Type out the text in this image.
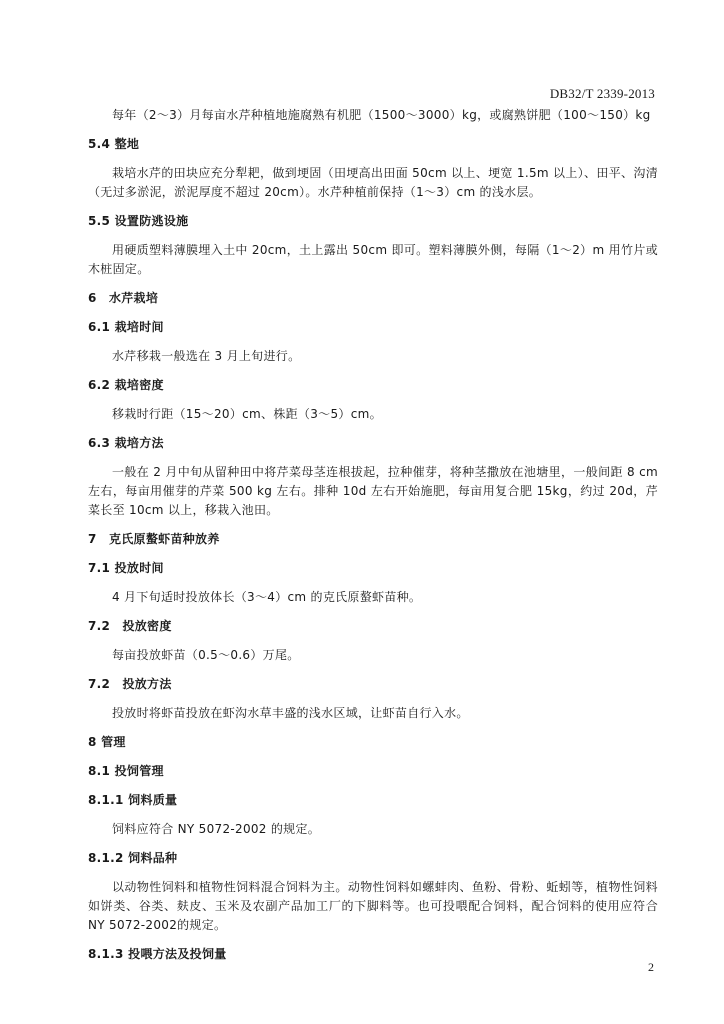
DB32/T 2339-2013

每年（2～3）月每亩水芹种植地施腐熟有机肥（1500～3000）kg，或腐熟饼肥（100～150）kg

5.4 整地

栽培水芹的田块应充分犁耙，做到埂固（田埂高出田面 50cm 以上、埂宽 1.5m 以上）、田平、沟清（无过多淤泥，淤泥厚度不超过 20cm）。水芹种植前保持（1～3）cm 的浅水层。

5.5 设置防逃设施

用硬质塑料薄膜埋入土中 20cm，土上露出 50cm 即可。塑料薄膜外侧，每隔（1～2）m 用竹片或木桩固定。

6　水芹栽培

6.1 栽培时间

水芹移栽一般选在 3 月上旬进行。

6.2 栽培密度

移栽时行距（15～20）cm、株距（3～5）cm。

6.3 栽培方法

一般在 2 月中旬从留种田中将芹菜母茎连根拔起，拉种催芽，将种茎撒放在池塘里，一般间距 8 cm 左右，每亩用催芽的芹菜 500 kg 左右。排种 10d 左右开始施肥，每亩用复合肥 15kg，约过 20d，芹菜长至 10cm 以上，移栽入池田。

7　克氏原螯虾苗种放养

7.1 投放时间

4 月下旬适时投放体长（3～4）cm 的克氏原螯虾苗种。

7.2　投放密度

每亩投放虾苗（0.5～0.6）万尾。

7.2　投放方法

投放时将虾苗投放在虾沟水草丰盛的浅水区域，让虾苗自行入水。

8 管理

8.1 投饲管理

8.1.1 饲料质量

饲料应符合 NY 5072-2002 的规定。

8.1.2 饲料品种

以动物性饲料和植物性饲料混合饲料为主。动物性饲料如螺蚌肉、鱼粉、骨粉、蚯蚓等，植物性饲料如饼类、谷类、麸皮、玉米及农副产品加工厂的下脚料等。也可投喂配合饲料，配合饲料的使用应符合NY 5072-2002的规定。

8.1.3 投喂方法及投饲量

2
